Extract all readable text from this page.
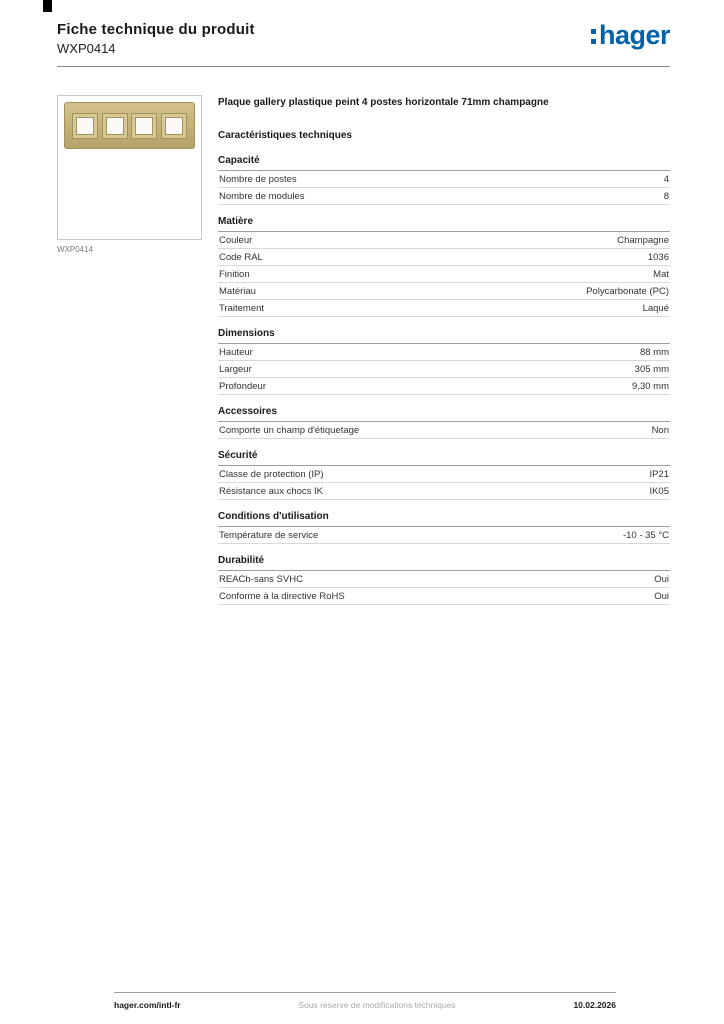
Fiche technique du produit
WXP0414	hager
WXP0414
Plaque gallery plastique peint 4 postes horizontale 71mm champagne
Caractéristiques techniques
Capacité
Nombre de postes	4
Nombre de modules	8
Matière
Couleur	Champagne
Code RAL	1036
Finition	Mat
Matériau	Polycarbonate (PC)
Traitement	Laqué
Dimensions
Hauteur	88 mm
Largeur	305 mm
Profondeur	9,30 mm
Accessoires
Comporte un champ d'étiquetage	Non
Sécurité
Classe de protection (IP)	IP21
Résistance aux chocs IK	IK05
Conditions d'utilisation
Température de service	-10 - 35 °C
Durabilité
REACh-sans SVHC	Oui
Conforme à la directive RoHS	Oui
hager.com/intl-fr	Sous réserve de modifications techniques	10.02.2026
